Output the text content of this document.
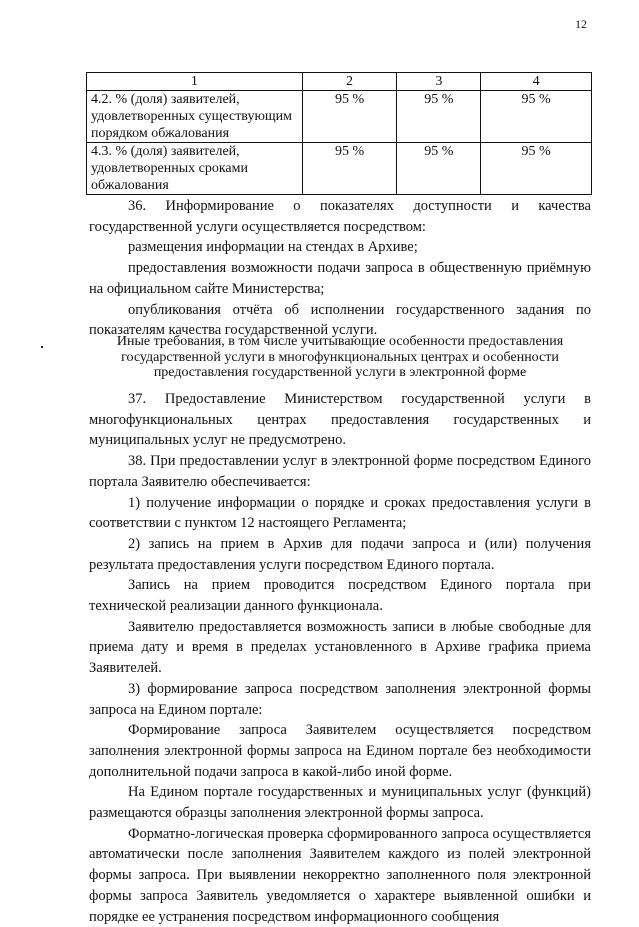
12
1	2	3	4
4.2. % (доля) заявителей, удовлетворенных существующим порядком обжалования	95 %	95 %	95 %
4.3. % (доля) заявителей, удовлетворенных сроками обжалования	95 %	95 %	95 %

36. Информирование о показателях доступности и качества государственной услуги осуществляется посредством:

размещения информации на стендах в Архиве;

предоставления возможности подачи запроса в общественную приёмную на официальном сайте Министерства;

опубликования отчёта об исполнении государственного задания по показателям качества государственной услуги.

Иные требования, в том числе учитывающие особенности предоставления государственной услуги в многофункциональных центрах и особенности предоставления государственной услуги в электронной форме

37. Предоставление Министерством государственной услуги в многофункциональных центрах предоставления государственных и муниципальных услуг не предусмотрено.

38. При предоставлении услуг в электронной форме посредством Единого портала Заявителю обеспечивается:

1) получение информации о порядке и сроках предоставления услуги в соответствии с пунктом 12 настоящего Регламента;

2) запись на прием в Архив для подачи запроса и (или) получения результата предоставления услуги посредством Единого портала.

Запись на прием проводится посредством Единого портала при технической реализации данного функционала.

Заявителю предоставляется возможность записи в любые свободные для приема дату и время в пределах установленного в Архиве графика приема Заявителей.

3) формирование запроса посредством заполнения электронной формы запроса на Едином портале:

Формирование запроса Заявителем осуществляется посредством заполнения электронной формы запроса на Едином портале без необходимости дополнительной подачи запроса в какой-либо иной форме.

На Едином портале государственных и муниципальных услуг (функций) размещаются образцы заполнения электронной формы запроса.

Форматно-логическая проверка сформированного запроса осуществляется автоматически после заполнения Заявителем каждого из полей электронной формы запроса. При выявлении некорректно заполненного поля электронной формы запроса Заявитель уведомляется о характере выявленной ошибки и порядке ее устранения посредством информационного сообщения
